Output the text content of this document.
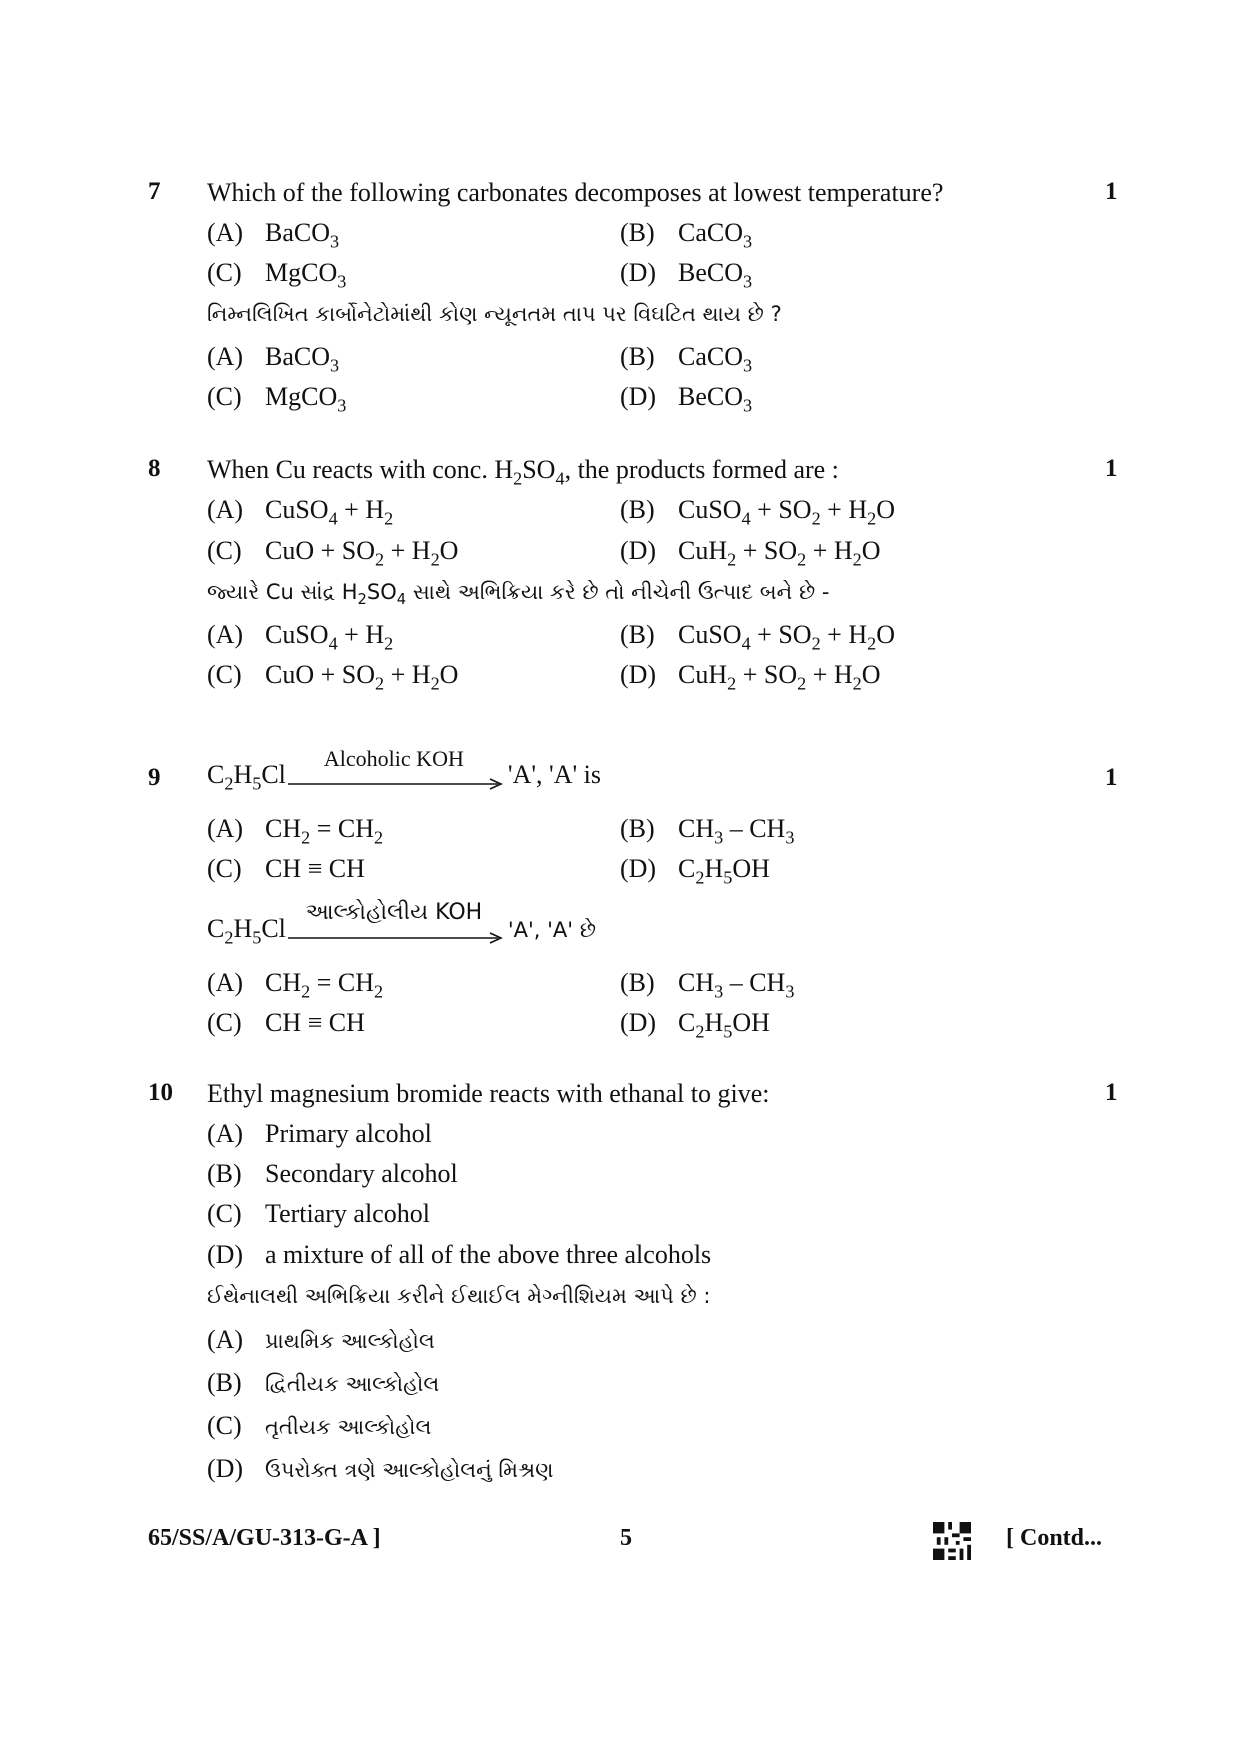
7 Which of the following carbonates decomposes at lowest temperature?	1
(A) BaCO$_3$	(B) CaCO$_3$
(C) MgCO$_3$	(D) BeCO$_3$
નિમ્નલિખિત કાર્બોનેટોમાંથી કોણ ન્યૂનતમ તાપ પર વિઘટિત થાય છે ?
(A) BaCO$_3$	(B) CaCO$_3$
(C) MgCO$_3$	(D) BeCO$_3$
8 When Cu reacts with conc. $H_2SO_4$, the products formed are :	1
(A) CuSO$_4$ + $H_2$	(B) CuSO$_4$ + $SO_2 + H_2O$
(C) CuO + $SO_2 + H_2O$	(D) $CuH_2 + SO_2 + H_2O$
જ્યારે Cu સાંદ્ર $H_2SO_4$ સાથે અભિક્રિયા કરે છે તો નીચેની ઉત્પાદ બને છે -
(A) CuSO$_4$ + $H_2$	(B) CuSO$_4$ + $SO_2 + H_2O$
(C) CuO + $SO_2 + H_2O$	(D) $CuH_2 + SO_2 + H_2O$
9 $C_2H_5Cl$
Alcoholic KOH
'A', 'A' is	1
(A) $CH_2 = CH_2$	(B) $CH_3 - CH_3$
(C) CH ≡ CH	(D) $C_2H_5OH$
$C_2H_5Cl$
આલ્કોહોલીય KOH
'A', 'A' છે
(A) $CH_2 = CH_2$	(B) $CH_3 - CH_3$
(C) CH ≡ CH	(D) $C_2H_5OH$
10 Ethyl magnesium bromide reacts with ethanal to give:	1
(A) Primary alcohol
(B) Secondary alcohol
(C) Tertiary alcohol
(D) a mixture of all of the above three alcohols
ઈથેનાલથી અભિક્રિયા કરીને ઈથાઈલ મેગ્નીશિયમ આપે છે :
(A) પ્રાથમિક આલ્કોહોલ
(B) દ્વિતીયક આલ્કોહોલ
(C) તૃતીયક આલ્કોહોલ
(D) ઉપરોક્ત ત્રણે આલ્કોહોલનું મિશ્રણ
65/SS/A/GU-313-G-A ]	5	[ Contd...
